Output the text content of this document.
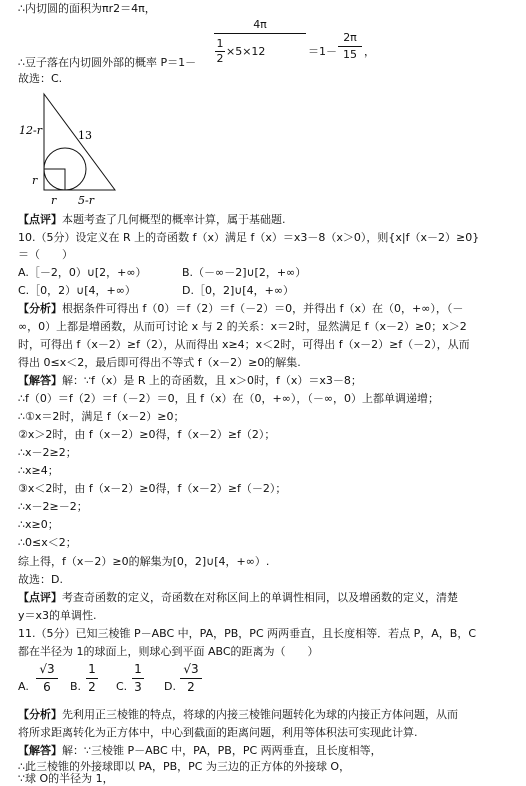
∴内切圆的面积为πr2＝4π，
∴豆子落在内切圆外部的概率 P＝1－
4π
1
2
×5×12	＝1－
2π
15 ，
故选：C.
12-r	13
r
r 5-r
【点评】本题考查了几何概型的概率计算，属于基础题.
10.（5分）设定义在 R 上的奇函数 f（x）满足 f（x）＝x3－8（x＞0），则{x|f（x－2）≥0}
＝（　　）
A.［－2，0）∪[2，+∞）	B.（－∞－2]∪[2，+∞）
C.［0，2）∪[4，+∞）	D.［0，2]∪[4，+∞）
【分析】根据条件可得出 f（0）＝f（2）＝f（－2）＝0，并得出 f（x）在（0，+∞），（－
∞，0）上都是增函数，从而可讨论 x 与 2 的关系：x＝2时，显然满足 f（x－2）≥0；x＞2
时，可得出 f（x－2）≥f（2），从而得出 x≥4；x＜2时，可得出 f（x－2）≥f（－2），从而
得出 0≤x＜2，最后即可得出不等式 f（x－2）≥0的解集.
【解答】解：∵f（x）是 R 上的奇函数，且 x＞0时，f（x）＝x3－8；
∴f（0）＝f（2）＝f（－2）＝0，且 f（x）在（0，+∞），（－∞，0）上都单调递增；
∴①x＝2时，满足 f（x－2）≥0；
②x＞2时，由 f（x－2）≥0得，f（x－2）≥f（2）；
∴x－2≥2；
∴x≥4；
③x＜2时，由 f（x－2）≥0得，f（x－2）≥f（－2）；
∴x－2≥－2；
∴x≥0；
∴0≤x＜2；
综上得，f（x－2）≥0的解集为[0，2]∪[4，+∞）.
故选：D.
【点评】考查奇函数的定义，奇函数在对称区间上的单调性相同，以及增函数的定义，清楚
y＝x3的单调性.
11.（5分）已知三棱锥 P－ABC 中，PA，PB，PC 两两垂直，且长度相等．若点 P，A，B，C
都在半径为 1的球面上，则球心到平面 ABC的距离为（　　）
A.
√3
6	B.
1
2 C.
1
3 D.
√3
2
【分析】先利用正三棱锥的特点，将球的内接三棱锥问题转化为球的内接正方体问题，从而
将所求距离转化为正方体中，中心到截面的距离问题，利用等体积法可实现此计算.
【解答】解：∵三棱锥 P－ABC 中，PA，PB，PC 两两垂直，且长度相等，
∴此三棱锥的外接球即以 PA，PB，PC 为三边的正方体的外接球 O，
∵球 O的半径为 1，
